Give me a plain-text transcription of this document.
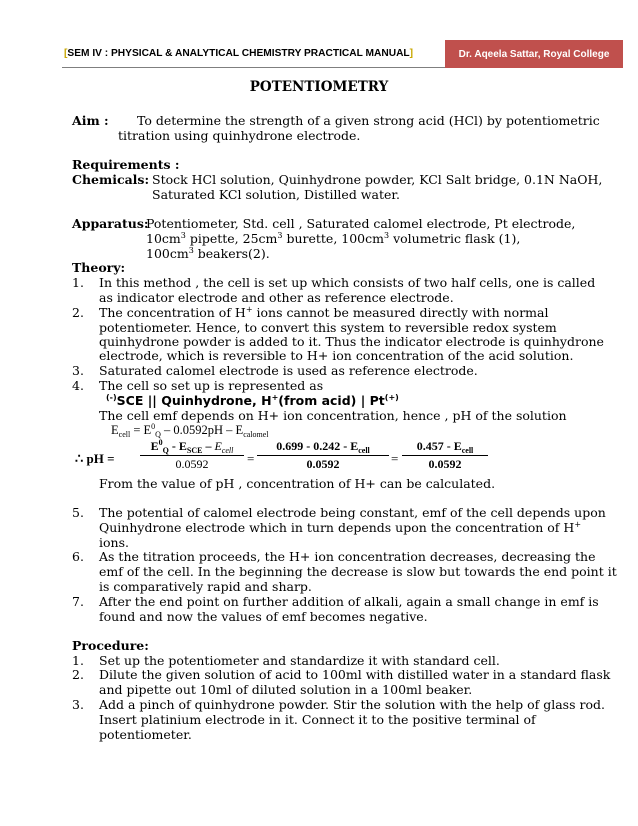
[ SEM IV : PHYSICAL & ANALYTICAL CHEMISTRY PRACTICAL MANUAL ]	Dr. Aqeela Sattar, Royal College
POTENTIOMETRY
Aim : To determine the strength of a given strong acid (HCl) by potentiometric
titration using quinhydrone electrode.
Requirements :
Chemicals: Stock HCl solution, Quinhydrone powder, KCl Salt bridge, 0.1N NaOH,
Saturated KCl solution, Distilled water.
Apparatus:
Potentiometer, Std. cell , Saturated calomel electrode, Pt electrode,
$10cm^3$ pipette, $25cm^3$ burette, $100cm^3$ volumetric flask (1),
$100cm^3$ beakers(2).
Theory:
1. In this method , the cell is set up which consists of two half cells, one is called
as indicator electrode and other as reference electrode.
2. The concentration of H+ ions cannot be measured directly with normal
potentiometer. Hence, to convert this system to reversible redox system
quinhydrone powder is added to it. Thus the indicator electrode is quinhydrone
electrode, which is reversible to H+ ion concentration of the acid solution.
3. Saturated calomel electrode is used as reference electrode.
4. The cell so set up is represented as
(-)SCE || Quinhydrone, H+(from acid) | Pt(+)
The cell emf depends on H+ ion concentration, hence , pH of the solution
$E_{cell} = E^0_Q - 0.0592pH - E_{calomel}$
∴ pH =
$E^0_Q - E_{SCE} - E_{cell}$
0.0592	=
$0.699 - 0.242 - E_{cell}$
0.0592	=
$0.457 - E_{cell}$
0.0592
From the value of pH , concentration of H+ can be calculated.
5. The potential of calomel electrode being constant, emf of the cell depends upon
Quinhydrone electrode which in turn depends upon the concentration of H+
ions.
6. As the titration proceeds, the H+ ion concentration decreases, decreasing the
emf of the cell. In the beginning the decrease is slow but towards the end point it
is comparatively rapid and sharp.
7. After the end point on further addition of alkali, again a small change in emf is
found and now the values of emf becomes negative.
Procedure:
1. Set up the potentiometer and standardize it with standard cell.
2. Dilute the given solution of acid to 100ml with distilled water in a standard flask
and pipette out 10ml of diluted solution in a 100ml beaker.
3. Add a pinch of quinhydrone powder. Stir the solution with the help of glass rod.
Insert platinium electrode in it. Connect it to the positive terminal of
potentiometer.
